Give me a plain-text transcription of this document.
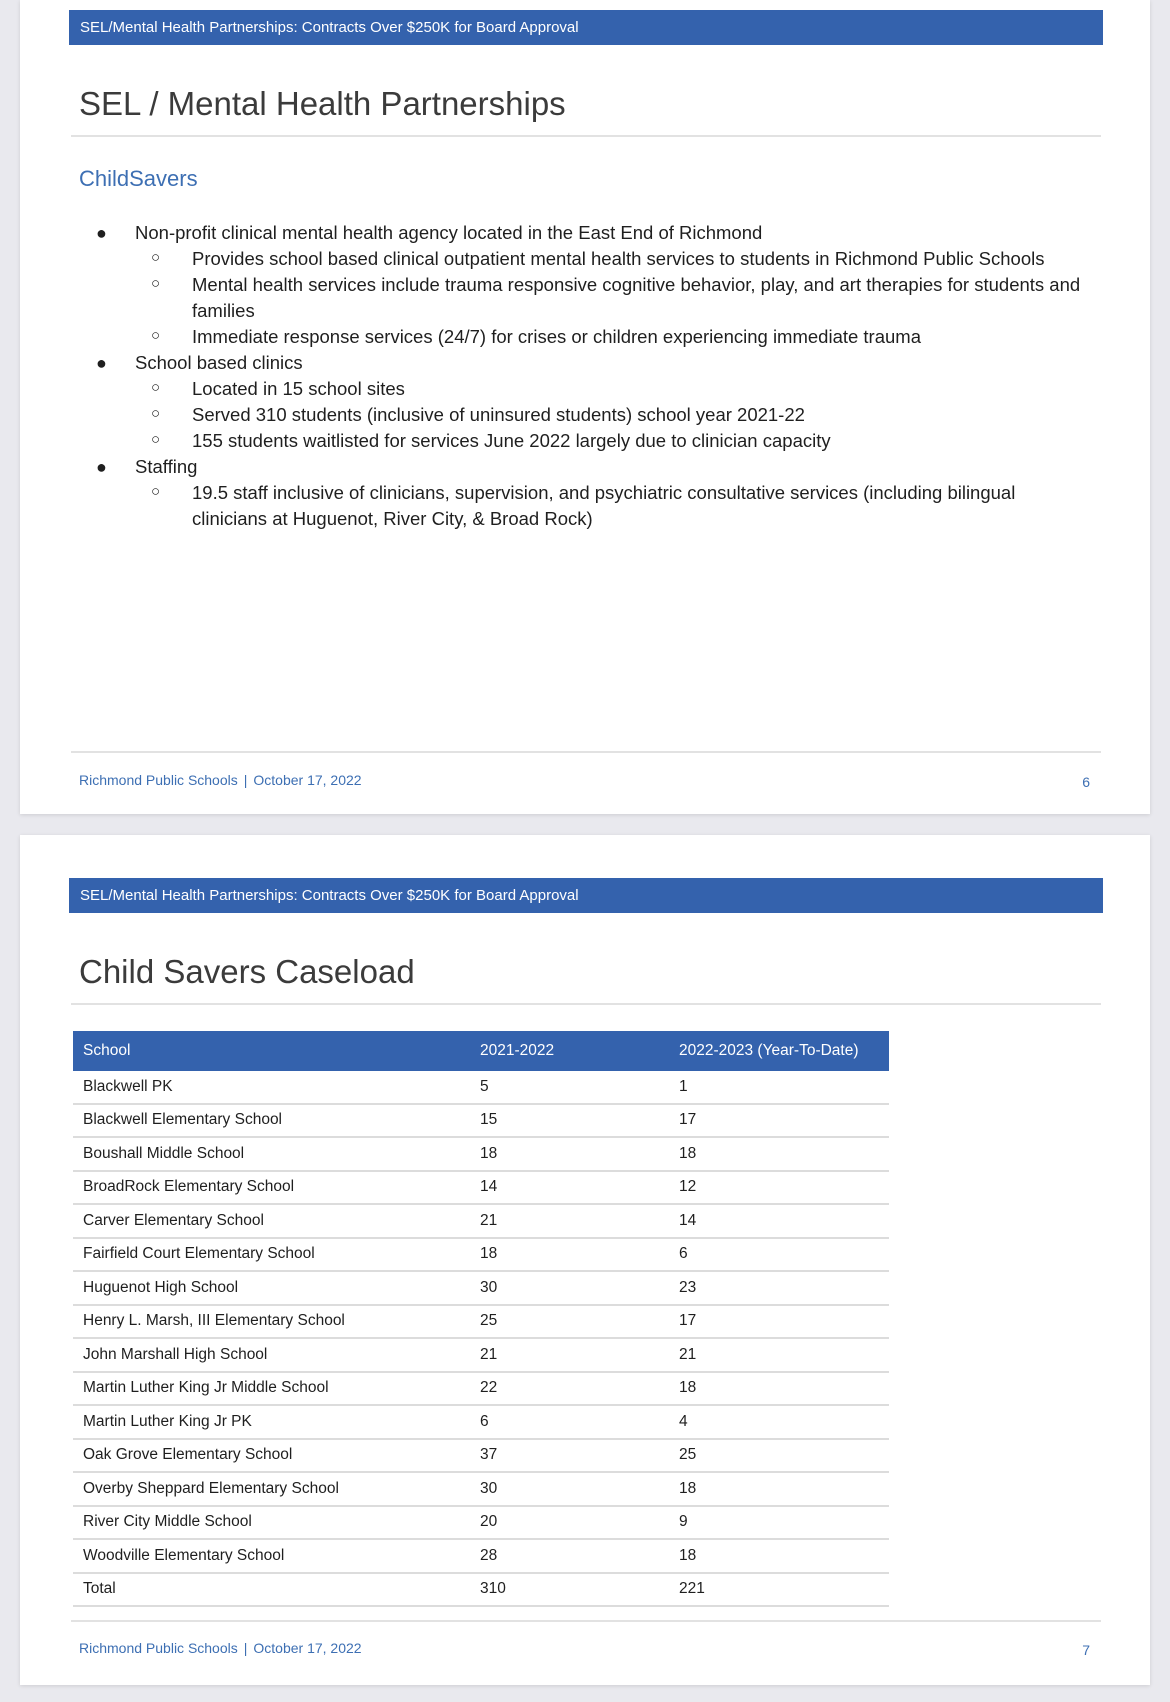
SEL/Mental Health Partnerships: Contracts Over $250K for Board Approval
SEL / Mental Health Partnerships
ChildSavers
● Non-profit clinical mental health agency located in the East End of Richmond
○ Provides school based clinical outpatient mental health services to students in Richmond Public Schools
○ Mental health services include trauma responsive cognitive behavior, play, and art therapies for students and families
○ Immediate response services (24/7) for crises or children experiencing immediate trauma
● School based clinics
○ Located in 15 school sites
○ Served 310 students (inclusive of uninsured students) school year 2021-22
○ 155 students waitlisted for services June 2022 largely due to clinician capacity
● Staffing
○ 19.5 staff inclusive of clinicians, supervision, and psychiatric consultative services (including bilingual clinicians at Huguenot, River City, & Broad Rock)
Richmond Public Schools | October 17, 2022	6
SEL/Mental Health Partnerships: Contracts Over $250K for Board Approval
Child Savers Caseload
School	2021-2022	2022-2023 (Year-To-Date)
Blackwell PK	5	1
Blackwell Elementary School	15	17
Boushall Middle School	18	18
BroadRock Elementary School	14	12
Carver Elementary School	21	14
Fairfield Court Elementary School	18	6
Huguenot High School	30	23
Henry L. Marsh, III Elementary School	25	17
John Marshall High School	21	21
Martin Luther King Jr Middle School	22	18
Martin Luther King Jr PK	6	4
Oak Grove Elementary School	37	25
Overby Sheppard Elementary School	30	18
River City Middle School	20	9
Woodville Elementary School	28	18
Total	310	221
Richmond Public Schools | October 17, 2022	7
